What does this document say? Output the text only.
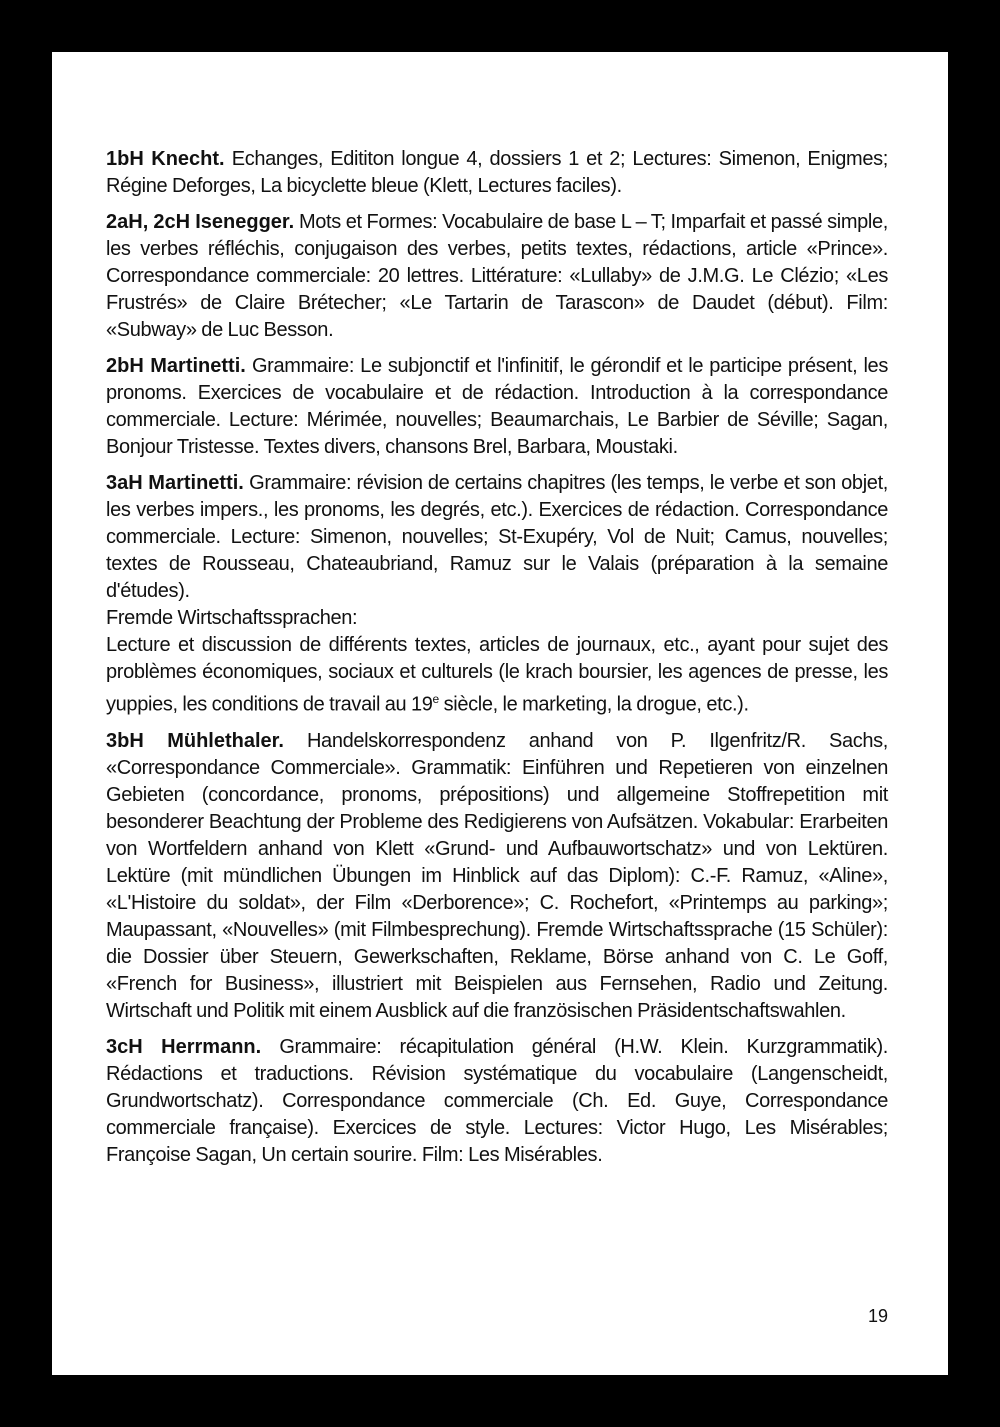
1bH Knecht. Echanges, Edititon longue 4, dossiers 1 et 2; Lectures: Simenon, Enigmes; Régine Deforges, La bicyclette bleue (Klett, Lectures faciles).

2aH, 2cH Isenegger. Mots et Formes: Vocabulaire de base L – T; Imparfait et passé simple, les verbes réfléchis, conjugaison des verbes, petits textes, rédactions, article «Prince». Correspondance commerciale: 20 lettres. Littérature: «Lullaby» de J.M.G. Le Clézio; «Les Frustrés» de Claire Brétecher; «Le Tartarin de Tarascon» de Daudet (début). Film: «Subway» de Luc Besson.

2bH Martinetti. Grammaire: Le subjonctif et l'infinitif, le gérondif et le participe présent, les pronoms. Exercices de vocabulaire et de rédaction. Introduction à la correspondance commerciale. Lecture: Mérimée, nouvelles; Beaumarchais, Le Barbier de Séville; Sagan, Bonjour Tristesse. Textes divers, chansons Brel, Barbara, Moustaki.

3aH Martinetti. Grammaire: révision de certains chapitres (les temps, le verbe et son objet, les verbes impers., les pronoms, les degrés, etc.). Exercices de rédaction. Correspondance commerciale. Lecture: Simenon, nouvelles; St-Exupéry, Vol de Nuit; Camus, nouvelles; textes de Rousseau, Chateaubriand, Ramuz sur le Valais (préparation à la semaine d'études).
Fremde Wirtschaftssprachen:
Lecture et discussion de différents textes, articles de journaux, etc., ayant pour sujet des problèmes économiques, sociaux et culturels (le krach boursier, les agences de presse, les yuppies, les conditions de travail au 19e siècle, le marketing, la drogue, etc.).

3bH Mühlethaler. Handelskorrespondenz anhand von P. Ilgenfritz/R. Sachs, «Correspondance Commerciale». Grammatik: Einführen und Repetieren von einzelnen Gebieten (concordance, pronoms, prépositions) und allgemeine Stoffrepetition mit besonderer Beachtung der Probleme des Redigierens von Aufsätzen. Vokabular: Erarbeiten von Wortfeldern anhand von Klett «Grund- und Aufbauwortschatz» und von Lektüren. Lektüre (mit mündlichen Übungen im Hinblick auf das Diplom): C.-F. Ramuz, «Aline», «L'Histoire du soldat», der Film «Derborence»; C. Rochefort, «Printemps au parking»; Maupassant, «Nouvelles» (mit Filmbesprechung). Fremde Wirtschaftssprache (15 Schüler): die Dossier über Steuern, Gewerkschaften, Reklame, Börse anhand von C. Le Goff, «French for Business», illustriert mit Beispielen aus Fernsehen, Radio und Zeitung. Wirtschaft und Politik mit einem Ausblick auf die französischen Präsidentschaftswahlen.

3cH Herrmann. Grammaire: récapitulation général (H.W. Klein. Kurzgrammatik). Rédactions et traductions. Révision systématique du vocabulaire (Langenscheidt, Grundwortschatz). Correspondance commerciale (Ch. Ed. Guye, Correspondance commerciale française). Exercices de style. Lectures: Victor Hugo, Les Misérables; Françoise Sagan, Un certain sourire. Film: Les Misérables.

19
